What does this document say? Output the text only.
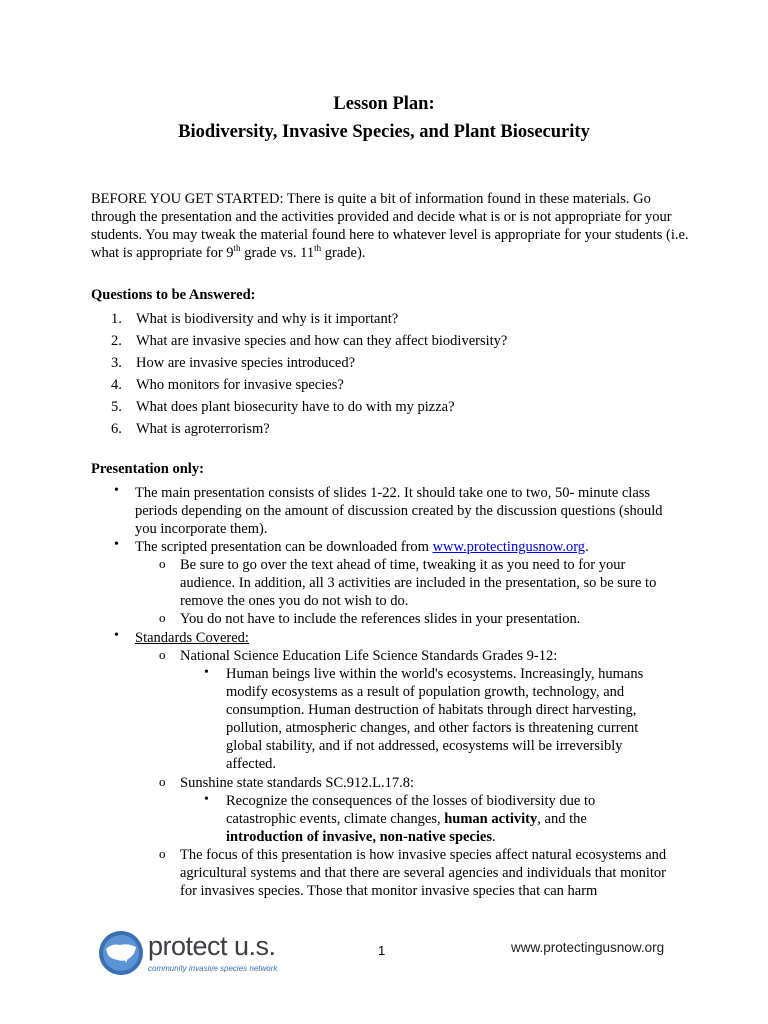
Lesson Plan:
Biodiversity, Invasive Species, and Plant Biosecurity

BEFORE YOU GET STARTED: There is quite a bit of information found in these materials. Go through the presentation and the activities provided and decide what is or is not appropriate for your students. You may tweak the material found here to whatever level is appropriate for your students (i.e. what is appropriate for 9th grade vs. 11th grade).

Questions to be Answered:

1. What is biodiversity and why is it important?
2. What are invasive species and how can they affect biodiversity?
3. How are invasive species introduced?
4. Who monitors for invasive species?
5. What does plant biosecurity have to do with my pizza?
6. What is agroterrorism?

Presentation only:

• The main presentation consists of slides 1-22. It should take one to two, 50- minute class periods depending on the amount of discussion created by the discussion questions (should you incorporate them).

• The scripted presentation can be downloaded from www.protectingusnow.org.

o Be sure to go over the text ahead of time, tweaking it as you need to for your audience. In addition, all 3 activities are included in the presentation, so be sure to remove the ones you do not wish to do.

o You do not have to include the references slides in your presentation.

• Standards Covered:

o National Science Education Life Science Standards Grades 9-12:

• Human beings live within the world's ecosystems. Increasingly, humans modify ecosystems as a result of population growth, technology, and consumption. Human destruction of habitats through direct harvesting, pollution, atmospheric changes, and other factors is threatening current global stability, and if not addressed, ecosystems will be irreversibly affected.

o Sunshine state standards SC.912.L.17.8:

• Recognize the consequences of the losses of biodiversity due to catastrophic events, climate changes, human activity, and the introduction of invasive, non-native species.

o The focus of this presentation is how invasive species affect natural ecosystems and agricultural systems and that there are several agencies and individuals that monitor for invasives species. Those that monitor invasive species that can harm

protect u.s.
community invasive species network
1	www.protectingusnow.org
